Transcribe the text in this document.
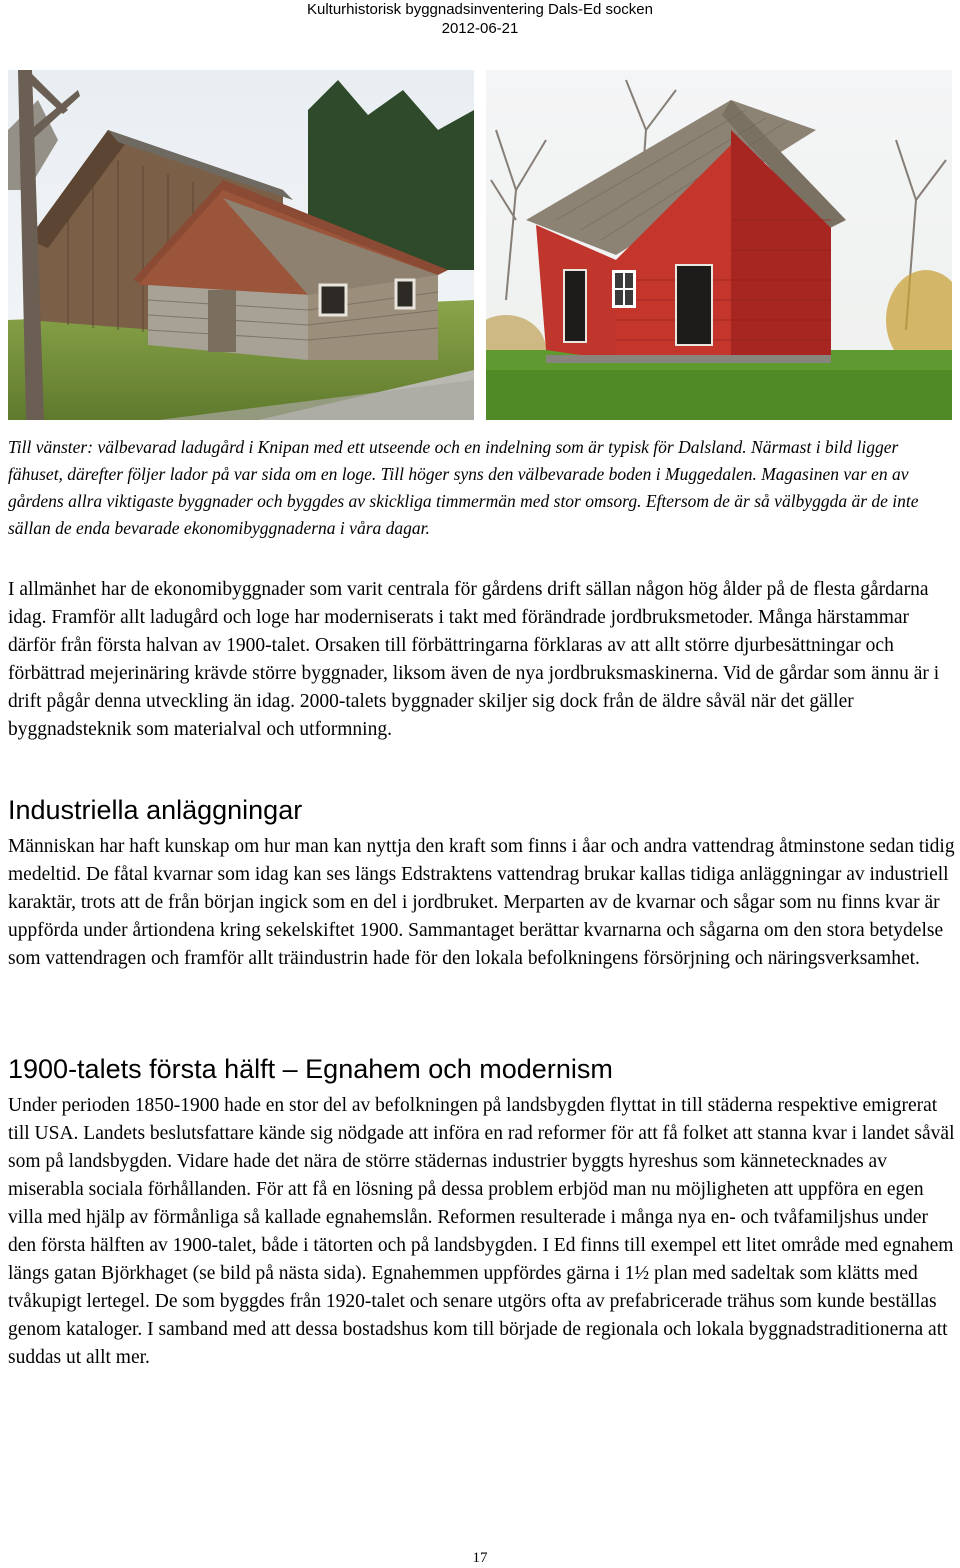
Kulturhistorisk byggnadsinventering Dals-Ed socken
2012-06-21
Till vänster: välbevarad ladugård i Knipan med ett utseende och en indelning som är typisk för Dalsland. Närmast i bild ligger fähuset, därefter följer lador på var sida om en loge. Till höger syns den välbevarade boden i Muggedalen. Magasinen var en av gårdens allra viktigaste byggnader och byggdes av skickliga timmermän med stor omsorg. Eftersom de är så välbyggda är de inte sällan de enda bevarade ekonomibyggnaderna i våra dagar.
I allmänhet har de ekonomibyggnader som varit centrala för gårdens drift sällan någon hög ålder på de flesta gårdarna idag. Framför allt ladugård och loge har moderniserats i takt med förändrade jordbruksmetoder. Många härstammar därför från första halvan av 1900-talet. Orsaken till förbättringarna förklaras av att allt större djurbesättningar och förbättrad mejerinäring krävde större byggnader, liksom även de nya jordbruksmaskinerna. Vid de gårdar som ännu är i drift pågår denna utveckling än idag. 2000-talets byggnader skiljer sig dock från de äldre såväl när det gäller byggnadsteknik som materialval och utformning.
Industriella anläggningar
Människan har haft kunskap om hur man kan nyttja den kraft som finns i åar och andra vattendrag åtminstone sedan tidig medeltid. De fåtal kvarnar som idag kan ses längs Edstraktens vattendrag brukar kallas tidiga anläggningar av industriell karaktär, trots att de från början ingick som en del i jordbruket. Merparten av de kvarnar och sågar som nu finns kvar är uppförda under årtiondena kring sekelskiftet 1900. Sammantaget berättar kvarnarna och sågarna om den stora betydelse som vattendragen och framför allt träindustrin hade för den lokala befolkningens försörjning och näringsverksamhet.
1900-talets första hälft – Egnahem och modernism
Under perioden 1850-1900 hade en stor del av befolkningen på landsbygden flyttat in till städerna respektive emigrerat till USA. Landets beslutsfattare kände sig nödgade att införa en rad reformer för att få folket att stanna kvar i landet såväl som på landsbygden. Vidare hade det nära de större städernas industrier byggts hyreshus som kännetecknades av miserabla sociala förhållanden. För att få en lösning på dessa problem erbjöd man nu möjligheten att uppföra en egen villa med hjälp av förmånliga så kallade egnahemslån. Reformen resulterade i många nya en- och tvåfamiljshus under den första hälften av 1900-talet, både i tätorten och på landsbygden. I Ed finns till exempel ett litet område med egnahem längs gatan Björkhaget (se bild på nästa sida). Egnahemmen uppfördes gärna i 1½ plan med sadeltak som klätts med tvåkupigt lertegel. De som byggdes från 1920-talet och senare utgörs ofta av prefabricerade trähus som kunde beställas genom kataloger. I samband med att dessa bostadshus kom till började de regionala och lokala byggnadstraditionerna att suddas ut allt mer.
17
